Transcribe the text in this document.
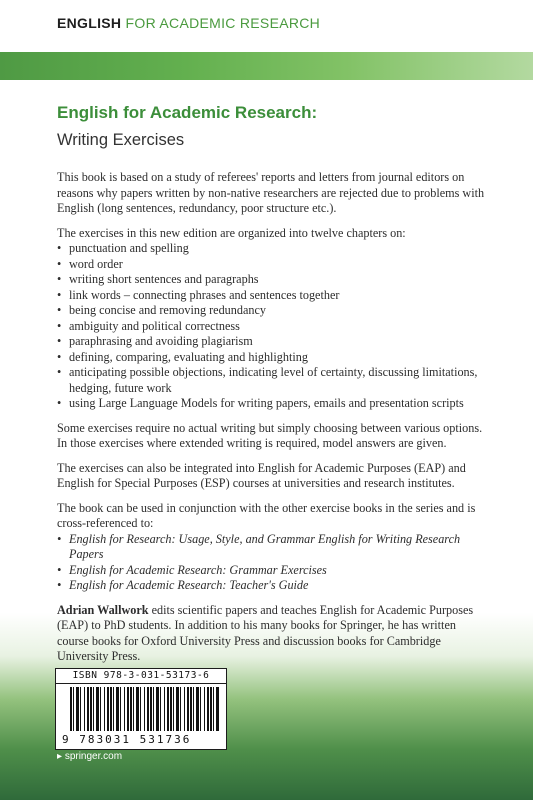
ENGLISH FOR ACADEMIC RESEARCH
English for Academic Research:
Writing Exercises

This book is based on a study of referees' reports and letters from journal editors on reasons why papers written by non-native researchers are rejected due to problems with English (long sentences, redundancy, poor structure etc.).

The exercises in this new edition are organized into twelve chapters on:

• punctuation and spelling
• word order
• writing short sentences and paragraphs
• link words – connecting phrases and sentences together
• being concise and removing redundancy
• ambiguity and political correctness
• paraphrasing and avoiding plagiarism
• defining, comparing, evaluating and highlighting
• anticipating possible objections, indicating level of certainty, discussing limitations, hedging, future work
• using Large Language Models for writing papers, emails and presentation scripts

Some exercises require no actual writing but simply choosing between various options. In those exercises where extended writing is required, model answers are given.

The exercises can also be integrated into English for Academic Purposes (EAP) and English for Special Purposes (ESP) courses at universities and research institutes.

The book can be used in conjunction with the other exercise books in the series and is cross-referenced to:

• English for Research: Usage, Style, and Grammar English for Writing Research Papers
• English for Academic Research: Grammar Exercises
• English for Academic Research: Teacher's Guide

Adrian Wallwork edits scientific papers and teaches English for Academic Purposes (EAP) to PhD students. In addition to his many books for Springer, he has written course books for Oxford University Press and discussion books for Cambridge University Press.

ISBN 978-3-031-53173-6
9 783031 531736
▸ springer.com
